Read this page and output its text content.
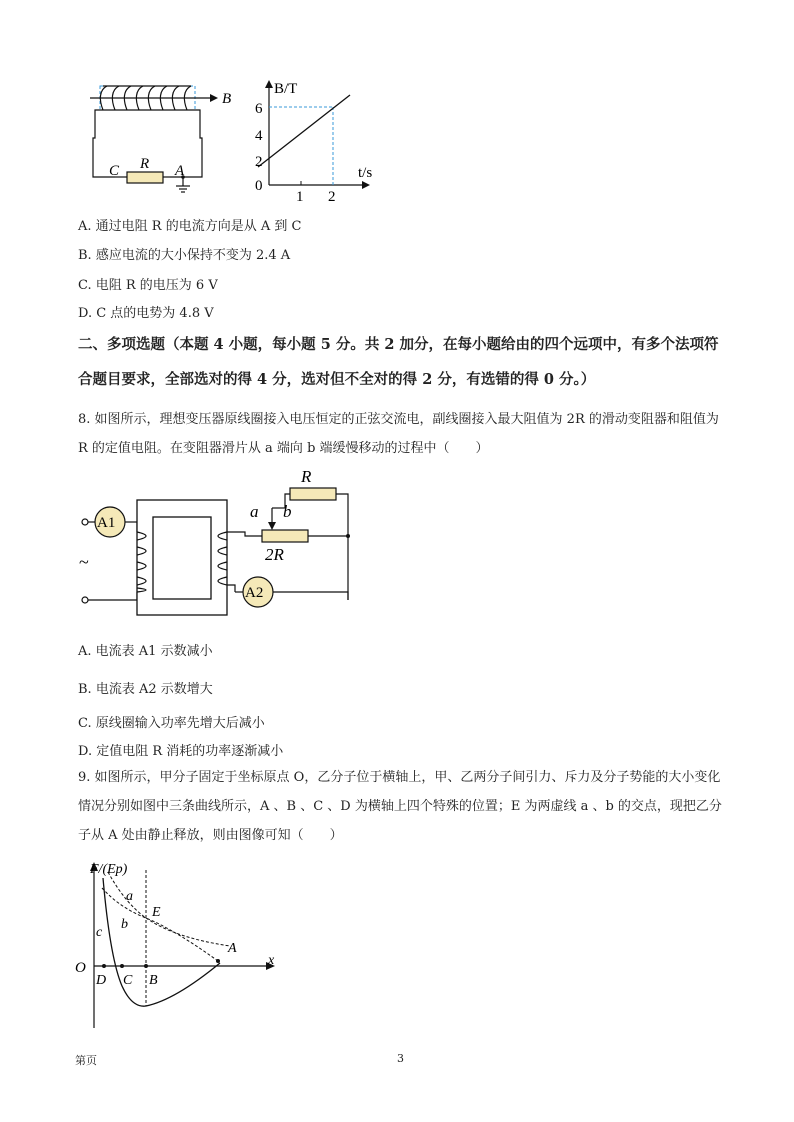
B
C R A
B/T
t/s
0
2
4
6
1 2
A. 通过电阻 R 的电流方向是从 A 到 C
B. 感应电流的大小保持不变为 2.4 A
C. 电阻 R 的电压为 6 V
D. C 点的电势为 4.8 V
二、多项选题（本题 4 小题，每小题 5 分。共 2 加分，在每小题给由的四个远项中，有多个法项符合题目要求，全部选对的得 4 分，选对但不全对的得 2 分，有选错的得 0 分。）
8. 如图所示，理想变压器原线圈接入电压恒定的正弦交流电，副线圈接入最大阻值为 2R 的滑动变阻器和阻值为 R 的定值电阻。在变阻器滑片从 a 端向 b 端缓慢移动的过程中（　　）
A1
~
A2
R
a b
2R
A. 电流表 A1 示数减小
B. 电流表 A2 示数增大
C. 原线圈输入功率先增大后减小
D. 定值电阻 R 消耗的功率逐渐减小
9. 如图所示，甲分子固定于坐标原点 O，乙分子位于横轴上，甲、乙两分子间引力、斥力及分子势能的大小变化情况分别如图中三条曲线所示，A 、B 、C 、D 为横轴上四个特殊的位置；E 为两虚线 a 、b 的交点，现把乙分子从 A 处由静止释放，则由图像可知（　　）
F/(Ep)
x
O
a
b
c
E
A
D C B
第页	3
